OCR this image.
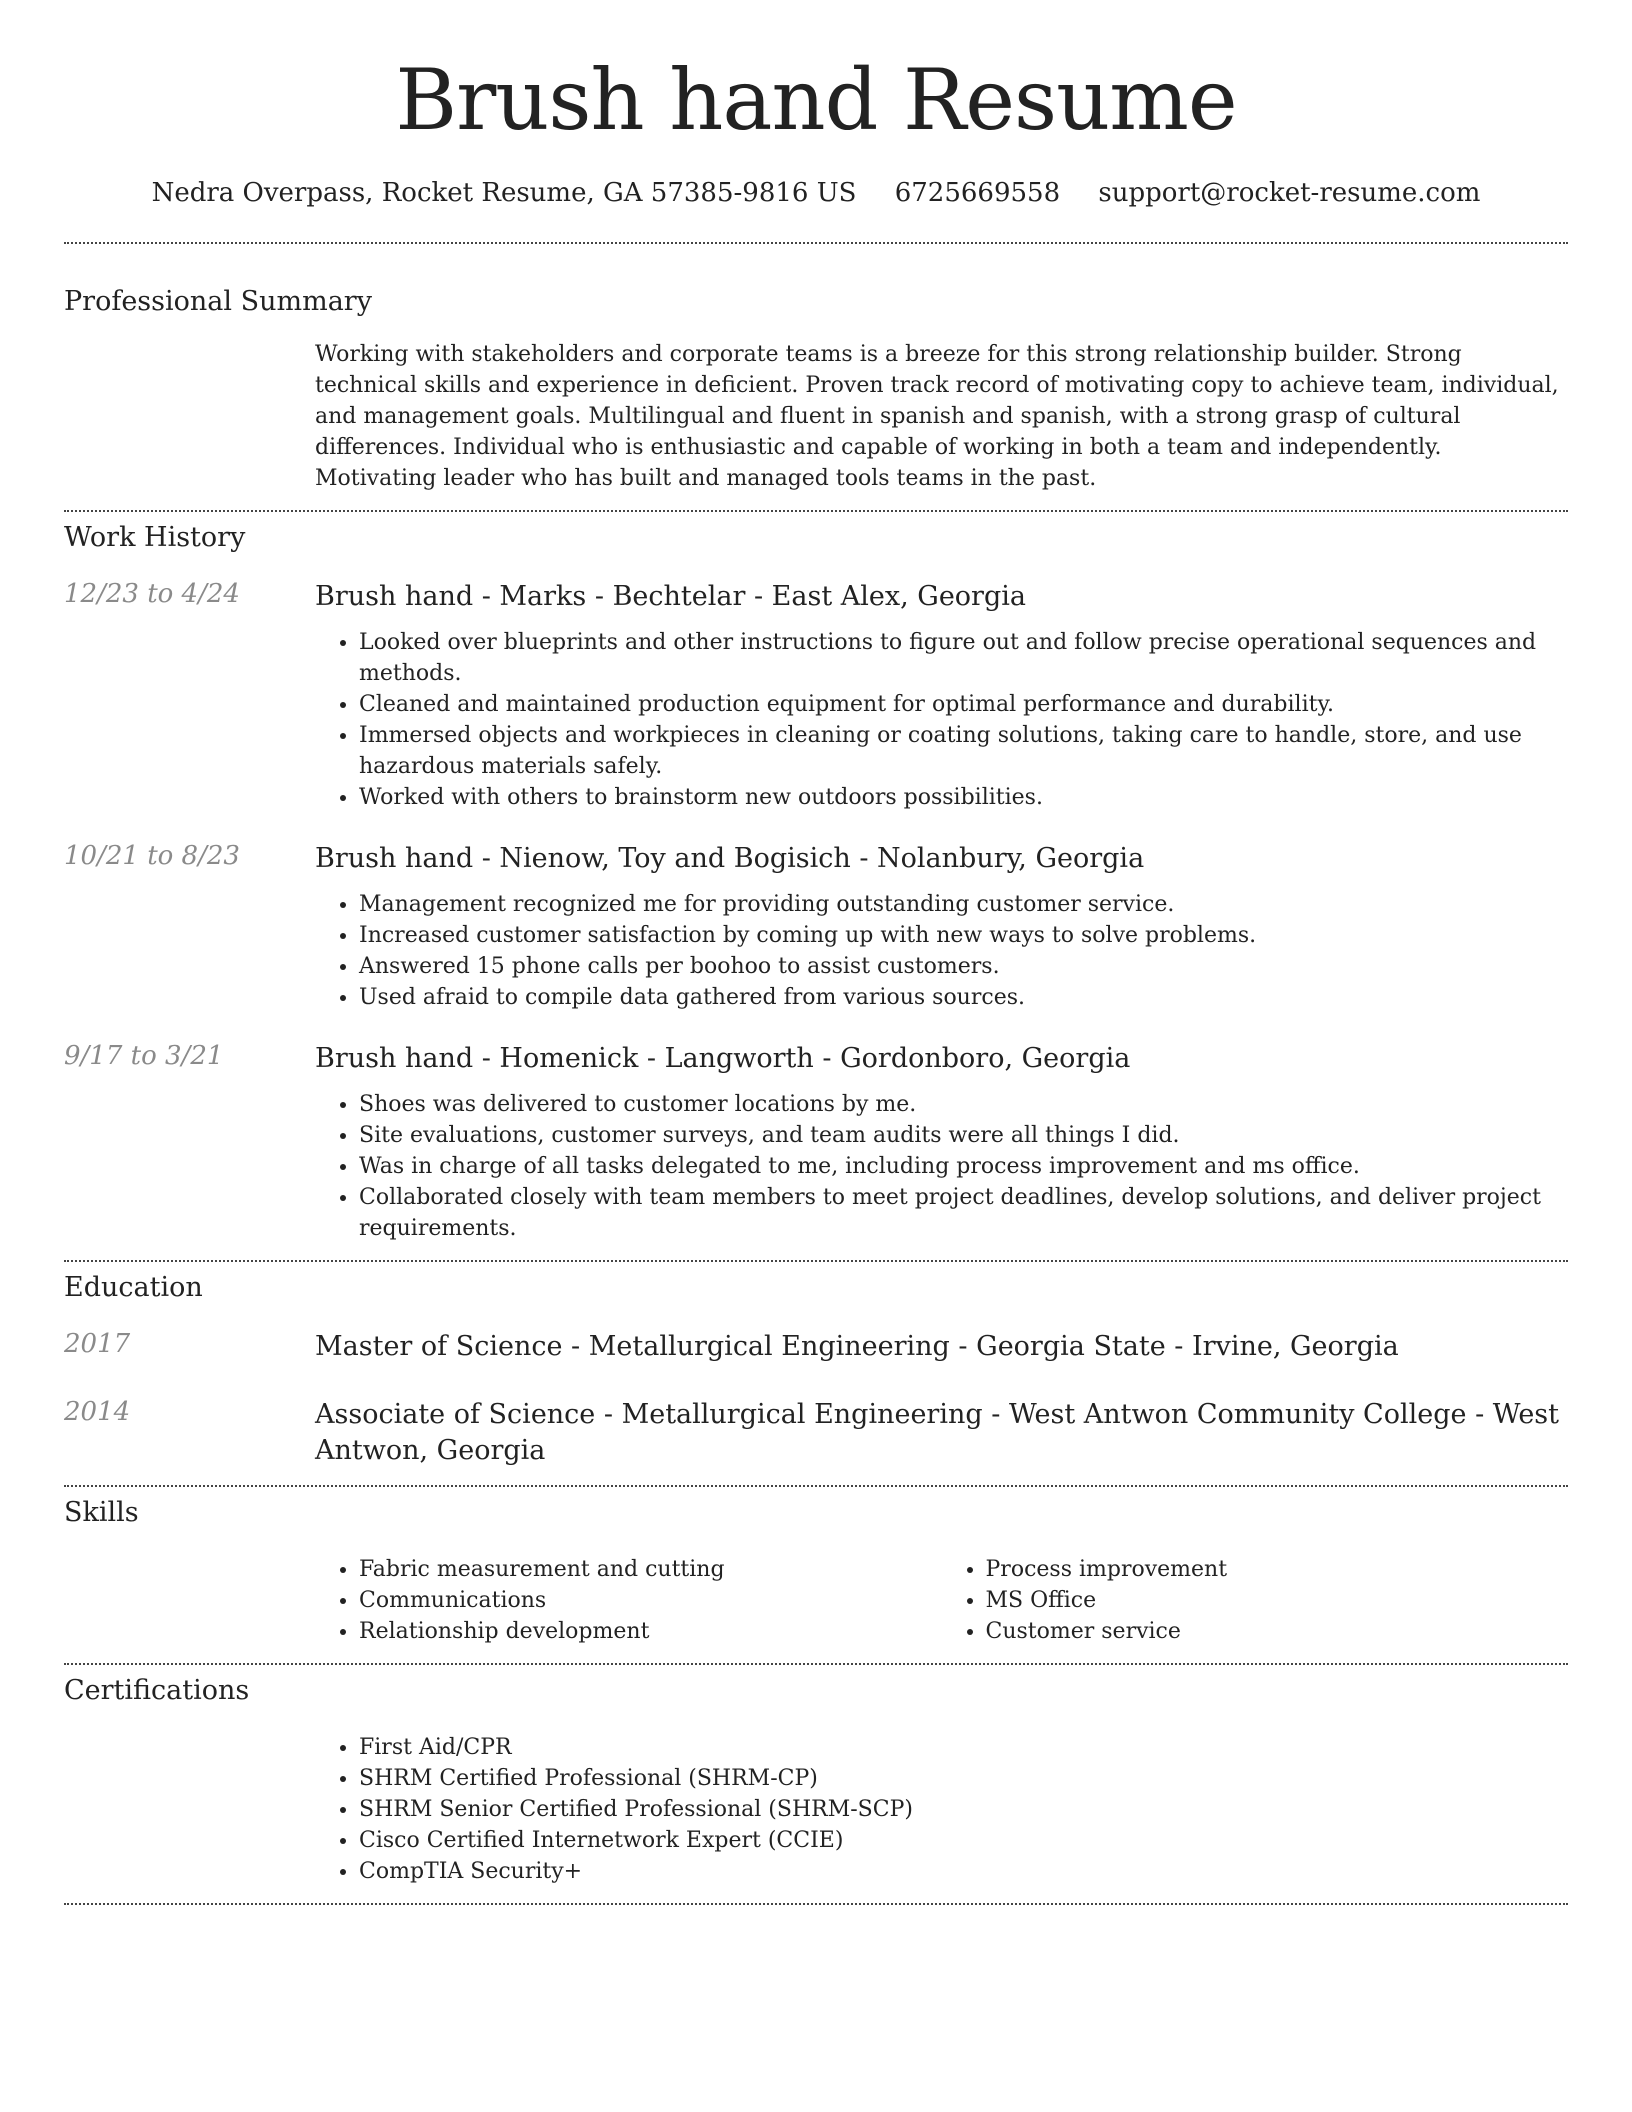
Brush hand Resume
Nedra Overpass, Rocket Resume, GA 57385-9816 US 6725669558 support@rocket-resume.com
Professional Summary
Working with stakeholders and corporate teams is a breeze for this strong relationship builder. Strong technical skills and experience in deficient. Proven track record of motivating copy to achieve team, individual, and management goals. Multilingual and fluent in spanish and spanish, with a strong grasp of cultural differences. Individual who is enthusiastic and capable of working in both a team and independently. Motivating leader who has built and managed tools teams in the past.
Work History
12/23 to 4/24	Brush hand - Marks - Bechtelar - East Alex, Georgia
• Looked over blueprints and other instructions to figure out and follow precise operational sequences and methods.
• Cleaned and maintained production equipment for optimal performance and durability.
• Immersed objects and workpieces in cleaning or coating solutions, taking care to handle, store, and use hazardous materials safely.
• Worked with others to brainstorm new outdoors possibilities.
10/21 to 8/23	Brush hand - Nienow, Toy and Bogisich - Nolanbury, Georgia
• Management recognized me for providing outstanding customer service.
• Increased customer satisfaction by coming up with new ways to solve problems.
• Answered 15 phone calls per boohoo to assist customers.
• Used afraid to compile data gathered from various sources.
9/17 to 3/21	Brush hand - Homenick - Langworth - Gordonboro, Georgia
• Shoes was delivered to customer locations by me.
• Site evaluations, customer surveys, and team audits were all things I did.
• Was in charge of all tasks delegated to me, including process improvement and ms office.
• Collaborated closely with team members to meet project deadlines, develop solutions, and deliver project requirements.
Education
2017	Master of Science - Metallurgical Engineering - Georgia State - Irvine, Georgia
2014	Associate of Science - Metallurgical Engineering - West Antwon Community College - West Antwon, Georgia
Skills
• Fabric measurement and cutting
• Communications
• Relationship development
• Process improvement
• MS Office
• Customer service
Certifications
• First Aid/CPR
• SHRM Certified Professional (SHRM-CP)
• SHRM Senior Certified Professional (SHRM-SCP)
• Cisco Certified Internetwork Expert (CCIE)
• CompTIA Security+
